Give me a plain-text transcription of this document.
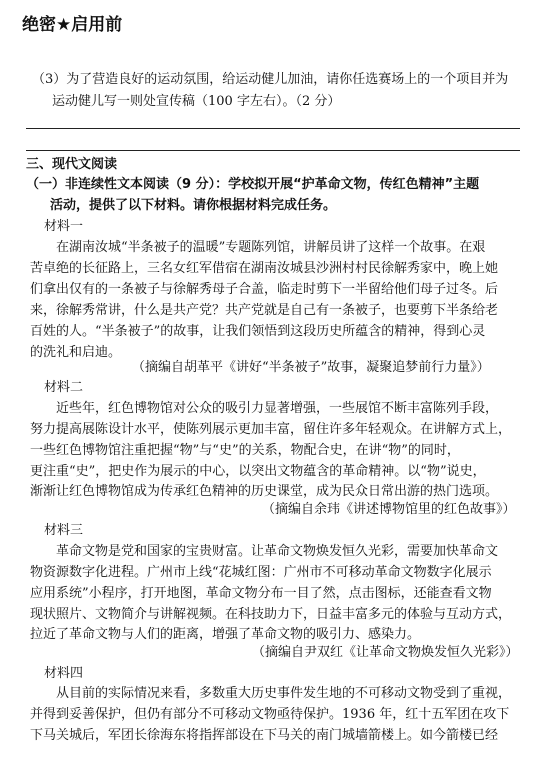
绝密★启用前

（3）为了营造良好的运动氛围，给运动健儿加油，请你任选赛场上的一个项目并为

运动健儿写一则处宣传稿（100 字左右）。（2 分）

三、现代文阅读

（一）非连续性文本阅读（9 分）：学校拟开展“护革命文物，传红色精神”主题

活动，提供了以下材料。请你根据材料完成任务。

材料一

在湖南汝城“半条被子的温暖”专题陈列馆，讲解员讲了这样一个故事。在艰

苦卓绝的长征路上，三名女红军借宿在湖南汝城县沙洲村村民徐解秀家中，晚上她

们拿出仅有的一条被子与徐解秀母子合盖，临走时剪下一半留给他们母子过冬。后

来，徐解秀常讲，什么是共产党？共产党就是自己有一条被子，也要剪下半条给老

百姓的人。“半条被子”的故事，让我们领悟到这段历史所蕴含的精神，得到心灵

的洗礼和启迪。

（摘编自胡革平《讲好“半条被子”故事，凝聚追梦前行力量》）

材料二

近些年，红色博物馆对公众的吸引力显著增强，一些展馆不断丰富陈列手段，

努力提高展陈设计水平，使陈列展示更加丰富，留住许多年轻观众。在讲解方式上，

一些红色博物馆注重把握“物”与“史”的关系，物配合史，在讲“物”的同时，

更注重“史”，把史作为展示的中心，以突出文物蕴含的革命精神。以“物”说史，

渐渐让红色博物馆成为传承红色精神的历史课堂，成为民众日常出游的热门选项。

（摘编自余玮《讲述博物馆里的红色故事》）

材料三

革命文物是党和国家的宝贵财富。让革命文物焕发恒久光彩，需要加快革命文

物资源数字化进程。广州市上线“花城红图：广州市不可移动革命文物数字化展示

应用系统”小程序，打开地图，革命文物分布一目了然，点击图标，还能查看文物

现状照片、文物简介与讲解视频。在科技助力下，日益丰富多元的体验与互动方式，

拉近了革命文物与人们的距离，增强了革命文物的吸引力、感染力。

（摘编自尹双红《让革命文物焕发恒久光彩》）

材料四

从目前的实际情况来看，多数重大历史事件发生地的不可移动文物受到了重视，

并得到妥善保护，但仍有部分不可移动文物亟待保护。1936 年，红十五军团在攻下

下马关城后，军团长徐海东将指挥部设在下马关的南门城墙箭楼上。如今箭楼已经
